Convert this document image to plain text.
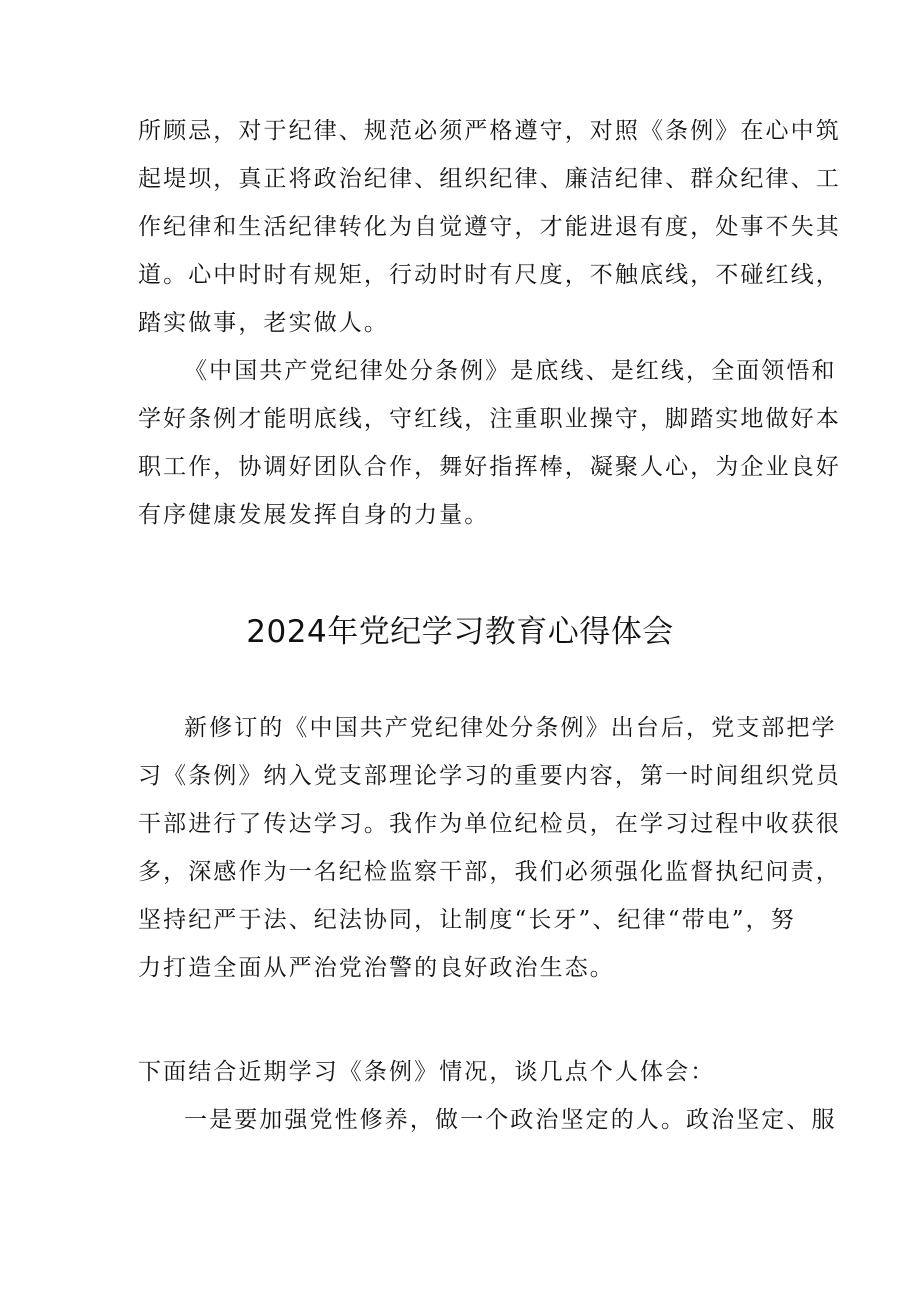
所顾忌，对于纪律、规范必须严格遵守，对照《条例》在心中筑
起堤坝，真正将政治纪律、组织纪律、廉洁纪律、群众纪律、工
作纪律和生活纪律转化为自觉遵守，才能进退有度，处事不失其
道。心中时时有规矩，行动时时有尺度，不触底线，不碰红线，
踏实做事，老实做人。
《中国共产党纪律处分条例》是底线、是红线，全面领悟和
学好条例才能明底线，守红线，注重职业操守，脚踏实地做好本
职工作，协调好团队合作，舞好指挥棒，凝聚人心，为企业良好
有序健康发展发挥自身的力量。
2024年党纪学习教育心得体会
新修订的《中国共产党纪律处分条例》出台后，党支部把学
习《条例》纳入党支部理论学习的重要内容，第一时间组织党员
干部进行了传达学习。我作为单位纪检员，在学习过程中收获很
多，深感作为一名纪检监察干部，我们必须强化监督执纪问责，
坚持纪严于法、纪法协同，让制度“长牙”、纪律“带电”，努
力打造全面从严治党治警的良好政治生态。
下面结合近期学习《条例》情况，谈几点个人体会：
一是要加强党性修养，做一个政治坚定的人。政治坚定、服
